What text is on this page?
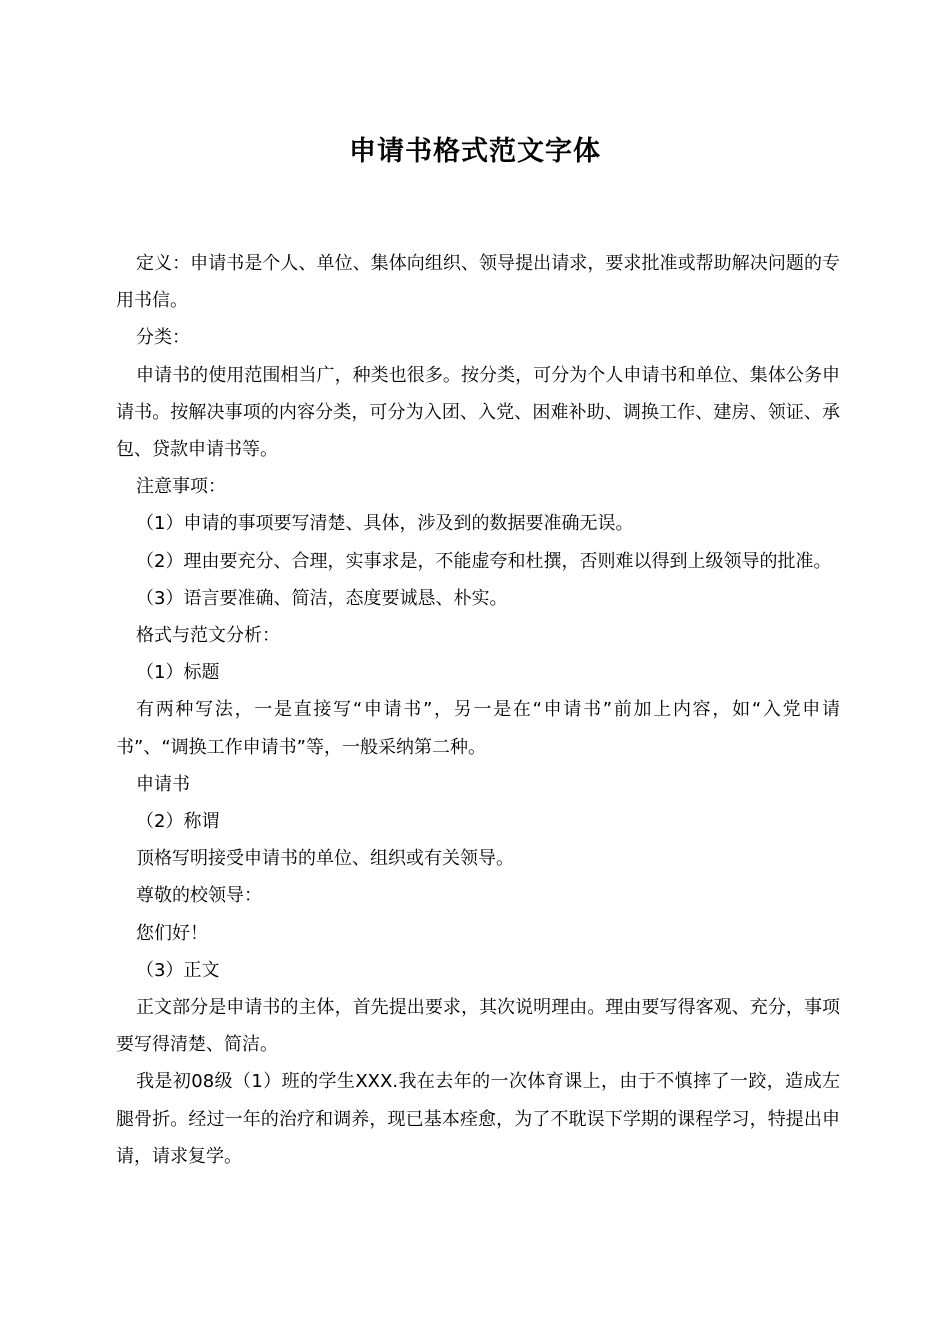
申请书格式范文字体

定义：申请书是个人、单位、集体向组织、领导提出请求，要求批准或帮助解决问题的专用书信。

分类：

申请书的使用范围相当广，种类也很多。按分类，可分为个人申请书和单位、集体公务申请书。按解决事项的内容分类，可分为入团、入党、困难补助、调换工作、建房、领证、承包、贷款申请书等。

注意事项：

（1）申请的事项要写清楚、具体，涉及到的数据要准确无误。

（2）理由要充分、合理，实事求是，不能虚夸和杜撰，否则难以得到上级领导的批准。

（3）语言要准确、简洁，态度要诚恳、朴实。

格式与范文分析：

（1）标题

有两种写法，一是直接写“申请书”，另一是在“申请书”前加上内容，如“入党申请书”、“调换工作申请书”等，一般采纳第二种。

申请书

（2）称谓

顶格写明接受申请书的单位、组织或有关领导。

尊敬的校领导：

您们好！

（3）正文

正文部分是申请书的主体，首先提出要求，其次说明理由。理由要写得客观、充分，事项要写得清楚、简洁。

我是初08级（1）班的学生XXX.我在去年的一次体育课上，由于不慎摔了一跤，造成左腿骨折。经过一年的治疗和调养，现已基本痊愈，为了不耽误下学期的课程学习，特提出申请，请求复学。
